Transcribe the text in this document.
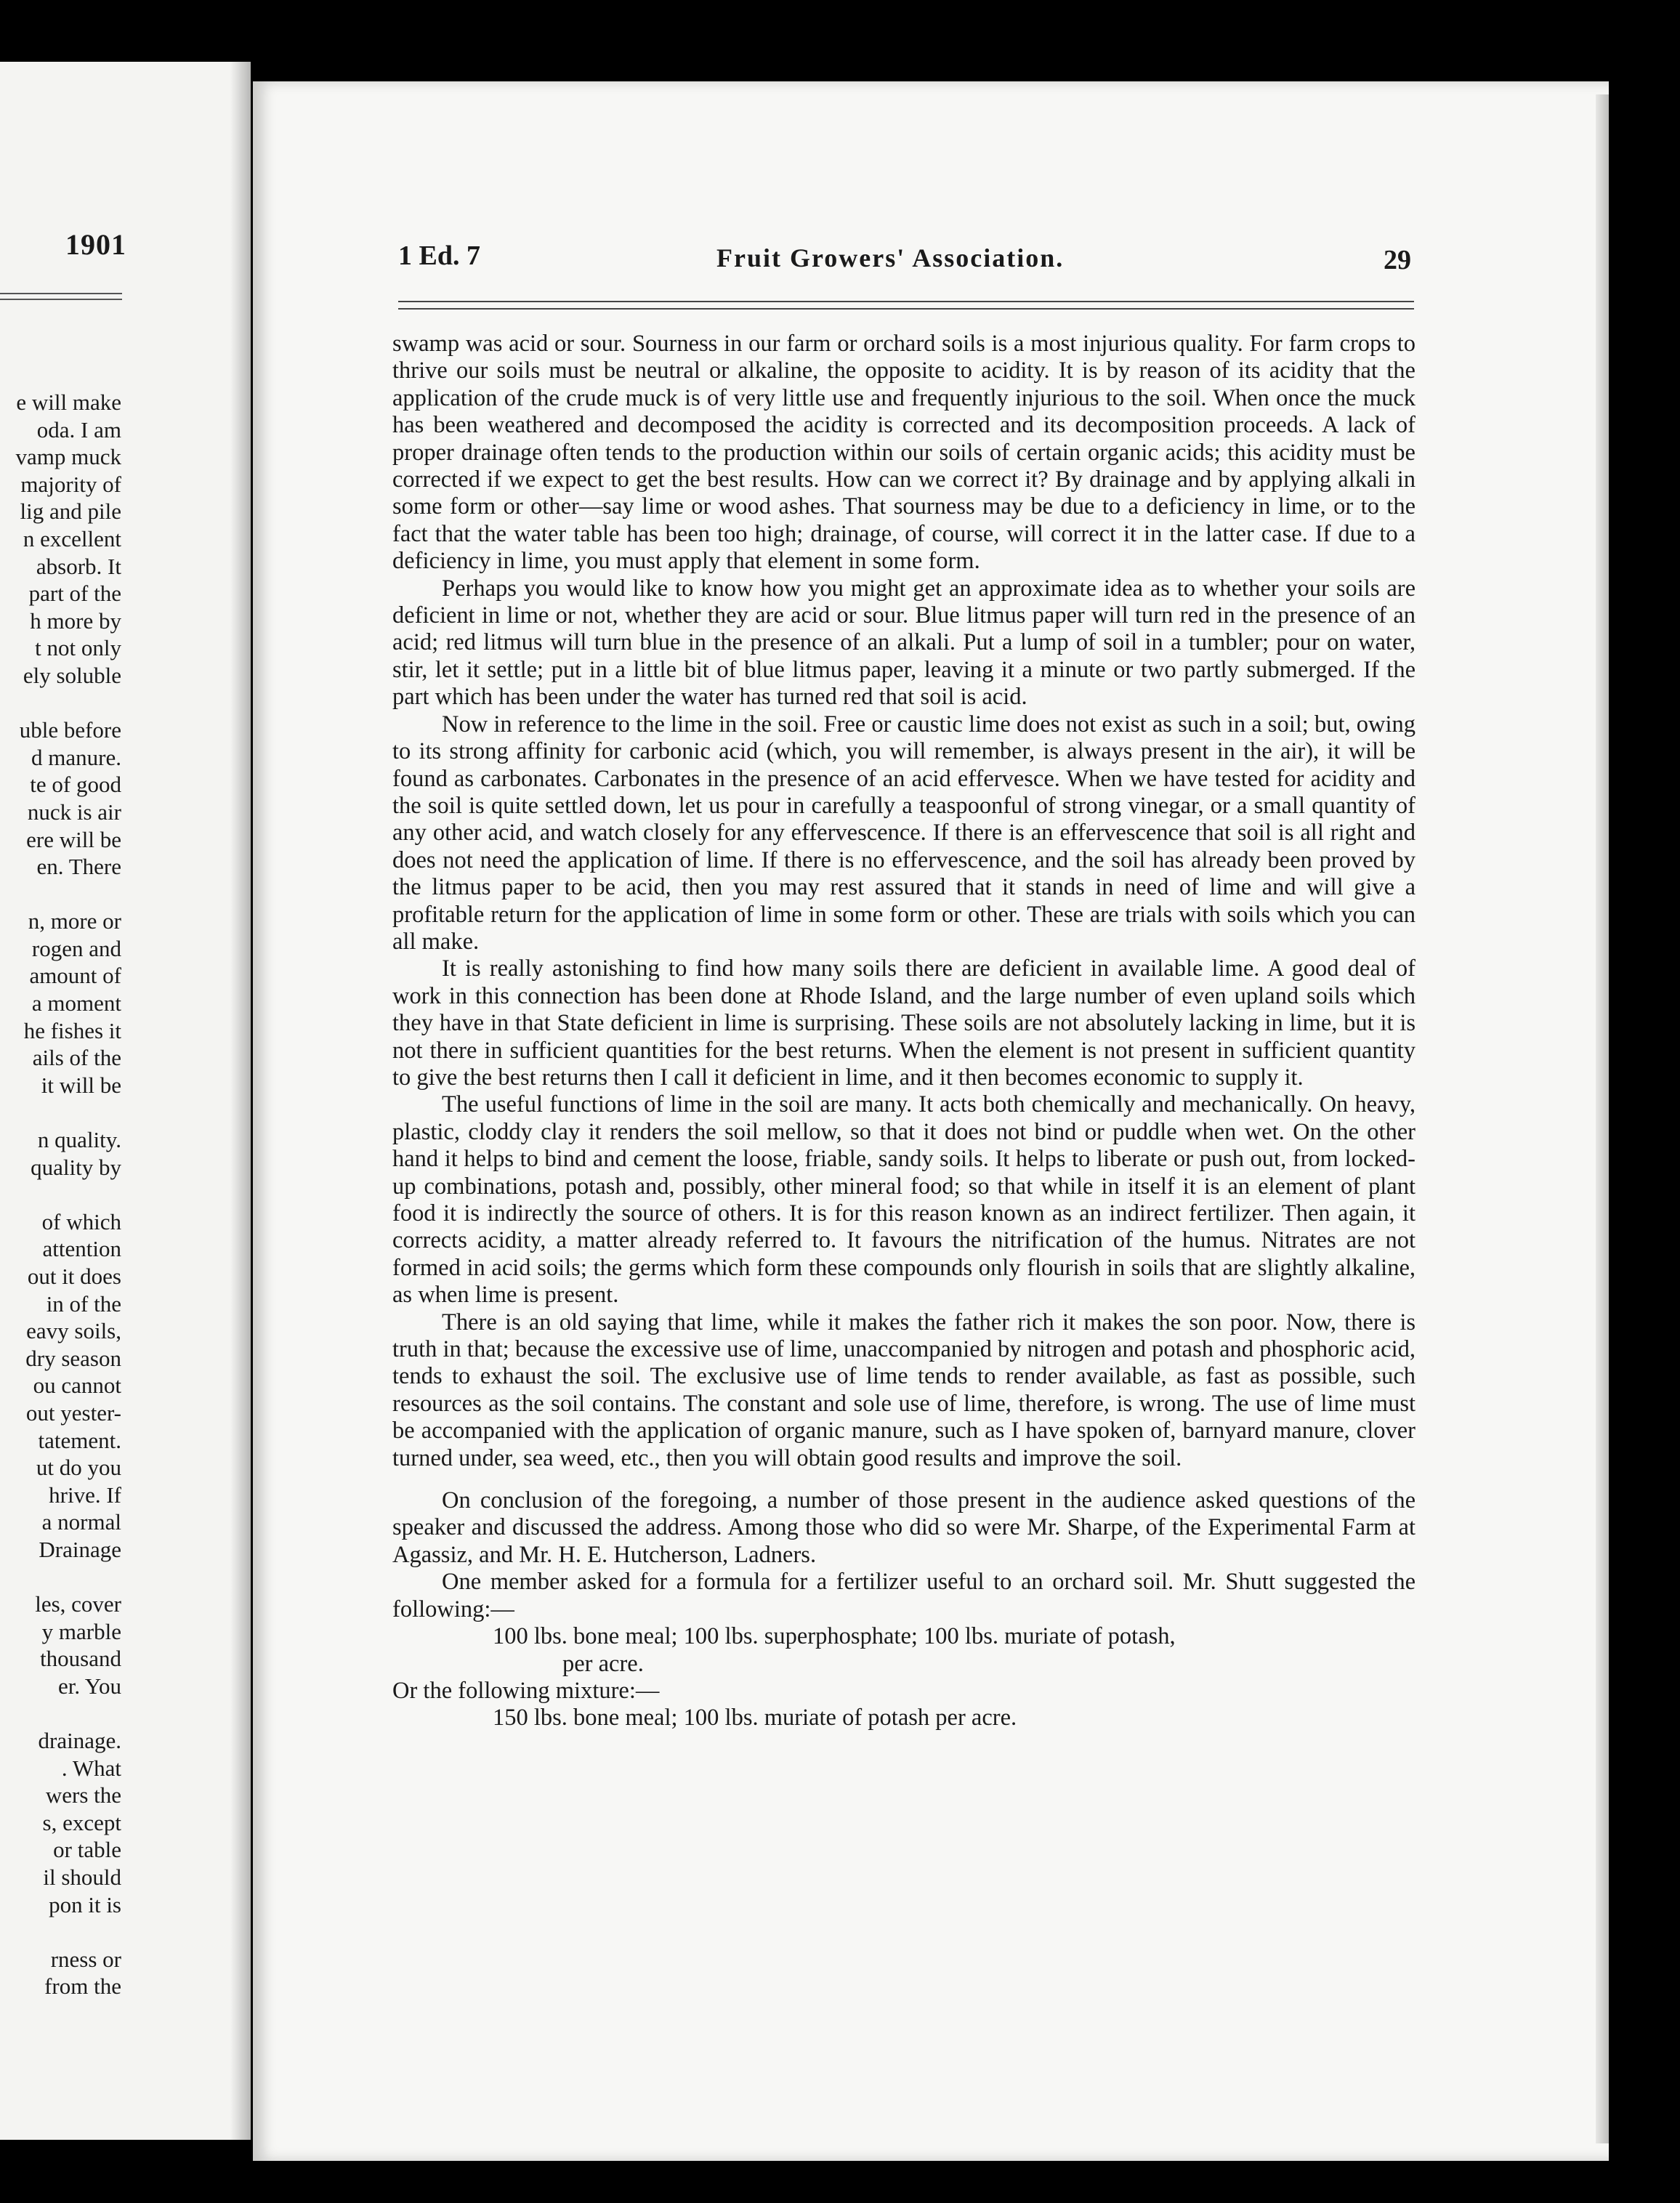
1901
e will make
oda. I am
vamp muck
majority of
lig and pile
n excellent
absorb. It
part of the
h more by
t not only
ely soluble
uble before
d manure.
te of good
nuck is air
ere will be
en. There
n, more or
rogen and
amount of
a moment
he fishes it
ails of the
it will be
n quality.
quality by
of which
attention
out it does
in of the
eavy soils,
dry season
ou cannot
out yester-
tatement.
ut do you
hrive. If
a normal
Drainage
les, cover
y marble
thousand
er. You
drainage.
. What
wers the
s, except
or table
il should
pon it is
rness or
from the
1 Ed. 7	Fruit Growers' Association.	29

swamp was acid or sour. Sourness in our farm or orchard soils is a most injurious quality. For farm crops to thrive our soils must be neutral or alkaline, the opposite to acidity. It is by reason of its acidity that the application of the crude muck is of very little use and frequently injurious to the soil. When once the muck has been weathered and decomposed the acidity is corrected and its decomposition proceeds. A lack of proper drainage often tends to the production within our soils of certain organic acids; this acidity must be corrected if we expect to get the best results. How can we correct it? By drainage and by applying alkali in some form or other—say lime or wood ashes. That sourness may be due to a deficiency in lime, or to the fact that the water table has been too high; drainage, of course, will correct it in the latter case. If due to a deficiency in lime, you must apply that element in some form.

Perhaps you would like to know how you might get an approximate idea as to whether your soils are deficient in lime or not, whether they are acid or sour. Blue litmus paper will turn red in the presence of an acid; red litmus will turn blue in the presence of an alkali. Put a lump of soil in a tumbler; pour on water, stir, let it settle; put in a little bit of blue litmus paper, leaving it a minute or two partly submerged. If the part which has been under the water has turned red that soil is acid.

Now in reference to the lime in the soil. Free or caustic lime does not exist as such in a soil; but, owing to its strong affinity for carbonic acid (which, you will remember, is always present in the air), it will be found as carbonates. Carbonates in the presence of an acid effervesce. When we have tested for acidity and the soil is quite settled down, let us pour in carefully a teaspoonful of strong vinegar, or a small quantity of any other acid, and watch closely for any effervescence. If there is an effervescence that soil is all right and does not need the application of lime. If there is no effervescence, and the soil has already been proved by the litmus paper to be acid, then you may rest assured that it stands in need of lime and will give a profitable return for the application of lime in some form or other. These are trials with soils which you can all make.

It is really astonishing to find how many soils there are deficient in available lime. A good deal of work in this connection has been done at Rhode Island, and the large number of even upland soils which they have in that State deficient in lime is surprising. These soils are not absolutely lacking in lime, but it is not there in sufficient quantities for the best returns. When the element is not present in sufficient quantity to give the best returns then I call it deficient in lime, and it then becomes economic to supply it.

The useful functions of lime in the soil are many. It acts both chemically and mechanically. On heavy, plastic, cloddy clay it renders the soil mellow, so that it does not bind or puddle when wet. On the other hand it helps to bind and cement the loose, friable, sandy soils. It helps to liberate or push out, from locked-up combinations, potash and, possibly, other mineral food; so that while in itself it is an element of plant food it is indirectly the source of others. It is for this reason known as an indirect fertilizer. Then again, it corrects acidity, a matter already referred to. It favours the nitrification of the humus. Nitrates are not formed in acid soils; the germs which form these compounds only flourish in soils that are slightly alkaline, as when lime is present.

There is an old saying that lime, while it makes the father rich it makes the son poor. Now, there is truth in that; because the excessive use of lime, unaccompanied by nitrogen and potash and phosphoric acid, tends to exhaust the soil. The exclusive use of lime tends to render available, as fast as possible, such resources as the soil contains. The constant and sole use of lime, therefore, is wrong. The use of lime must be accompanied with the application of organic manure, such as I have spoken of, barnyard manure, clover turned under, sea weed, etc., then you will obtain good results and improve the soil.

On conclusion of the foregoing, a number of those present in the audience asked questions of the speaker and discussed the address. Among those who did so were Mr. Sharpe, of the Experimental Farm at Agassiz, and Mr. H. E. Hutcherson, Ladners.

One member asked for a formula for a fertilizer useful to an orchard soil. Mr. Shutt suggested the following:—

100 lbs. bone meal; 100 lbs. superphosphate; 100 lbs. muriate of potash,

per acre.

Or the following mixture:—

150 lbs. bone meal; 100 lbs. muriate of potash per acre.
